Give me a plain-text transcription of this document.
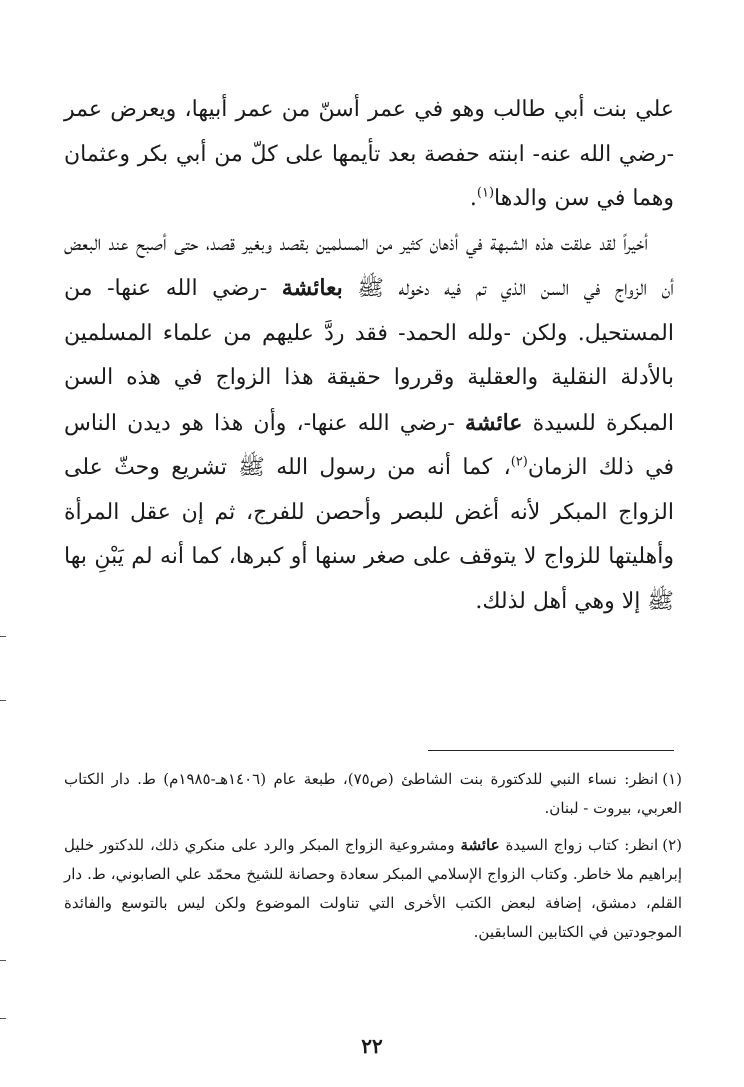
علي بنت أبي طالب وهو في عمر أسنّ من عمر أبيها، ويعرض عمر -رضي الله عنه- ابنته حفصة بعد تأيمها على كلّ من أبي بكر وعثمان وهما في سن والدها$^{(١)}$.

أخيراً لقد علقت هذه الشبهة في أذهان كثير من المسلمين بقصد وبغير قصد، حتى أصبح عند البعض أن الزواج في السن الذي تم فيه دخوله ﷺ بعائشة -رضي الله عنها- من المستحيل. ولكن -ولله الحمد- فقد ردَّ عليهم من علماء المسلمين بالأدلة النقلية والعقلية وقرروا حقيقة هذا الزواج في هذه السن المبكرة للسيدة عائشة -رضي الله عنها-، وأن هذا هو ديدن الناس في ذلك الزمان$^{(٢)}$، كما أنه من رسول الله ﷺ تشريع وحثّ على الزواج المبكر لأنه أغض للبصر وأحصن للفرج، ثم إن عقل المرأة وأهليتها للزواج لا يتوقف على صغر سنها أو كبرها، كما أنه لم يَبْنِ بها ﷺ إلا وهي أهل لذلك.

(١)انظر: نساء النبي للدكتورة بنت الشاطئ (ص٧٥)، طبعة عام (١٤٠٦هـ-١٩٨٥م) ط. دار الكتاب العربي، بيروت - لبنان.

(٢)انظر: كتاب زواج السيدة عائشة ومشروعية الزواج المبكر والرد على منكري ذلك، للدكتور خليل إبراهيم ملا خاطر. وكتاب الزواج الإسلامي المبكر سعادة وحصانة للشيخ محمّد علي الصابوني، ط. دار القلم، دمشق، إضافة لبعض الكتب الأخرى التي تناولت الموضوع ولكن ليس بالتوسع والفائدة الموجودتين في الكتابين السابقين.

٢٢
